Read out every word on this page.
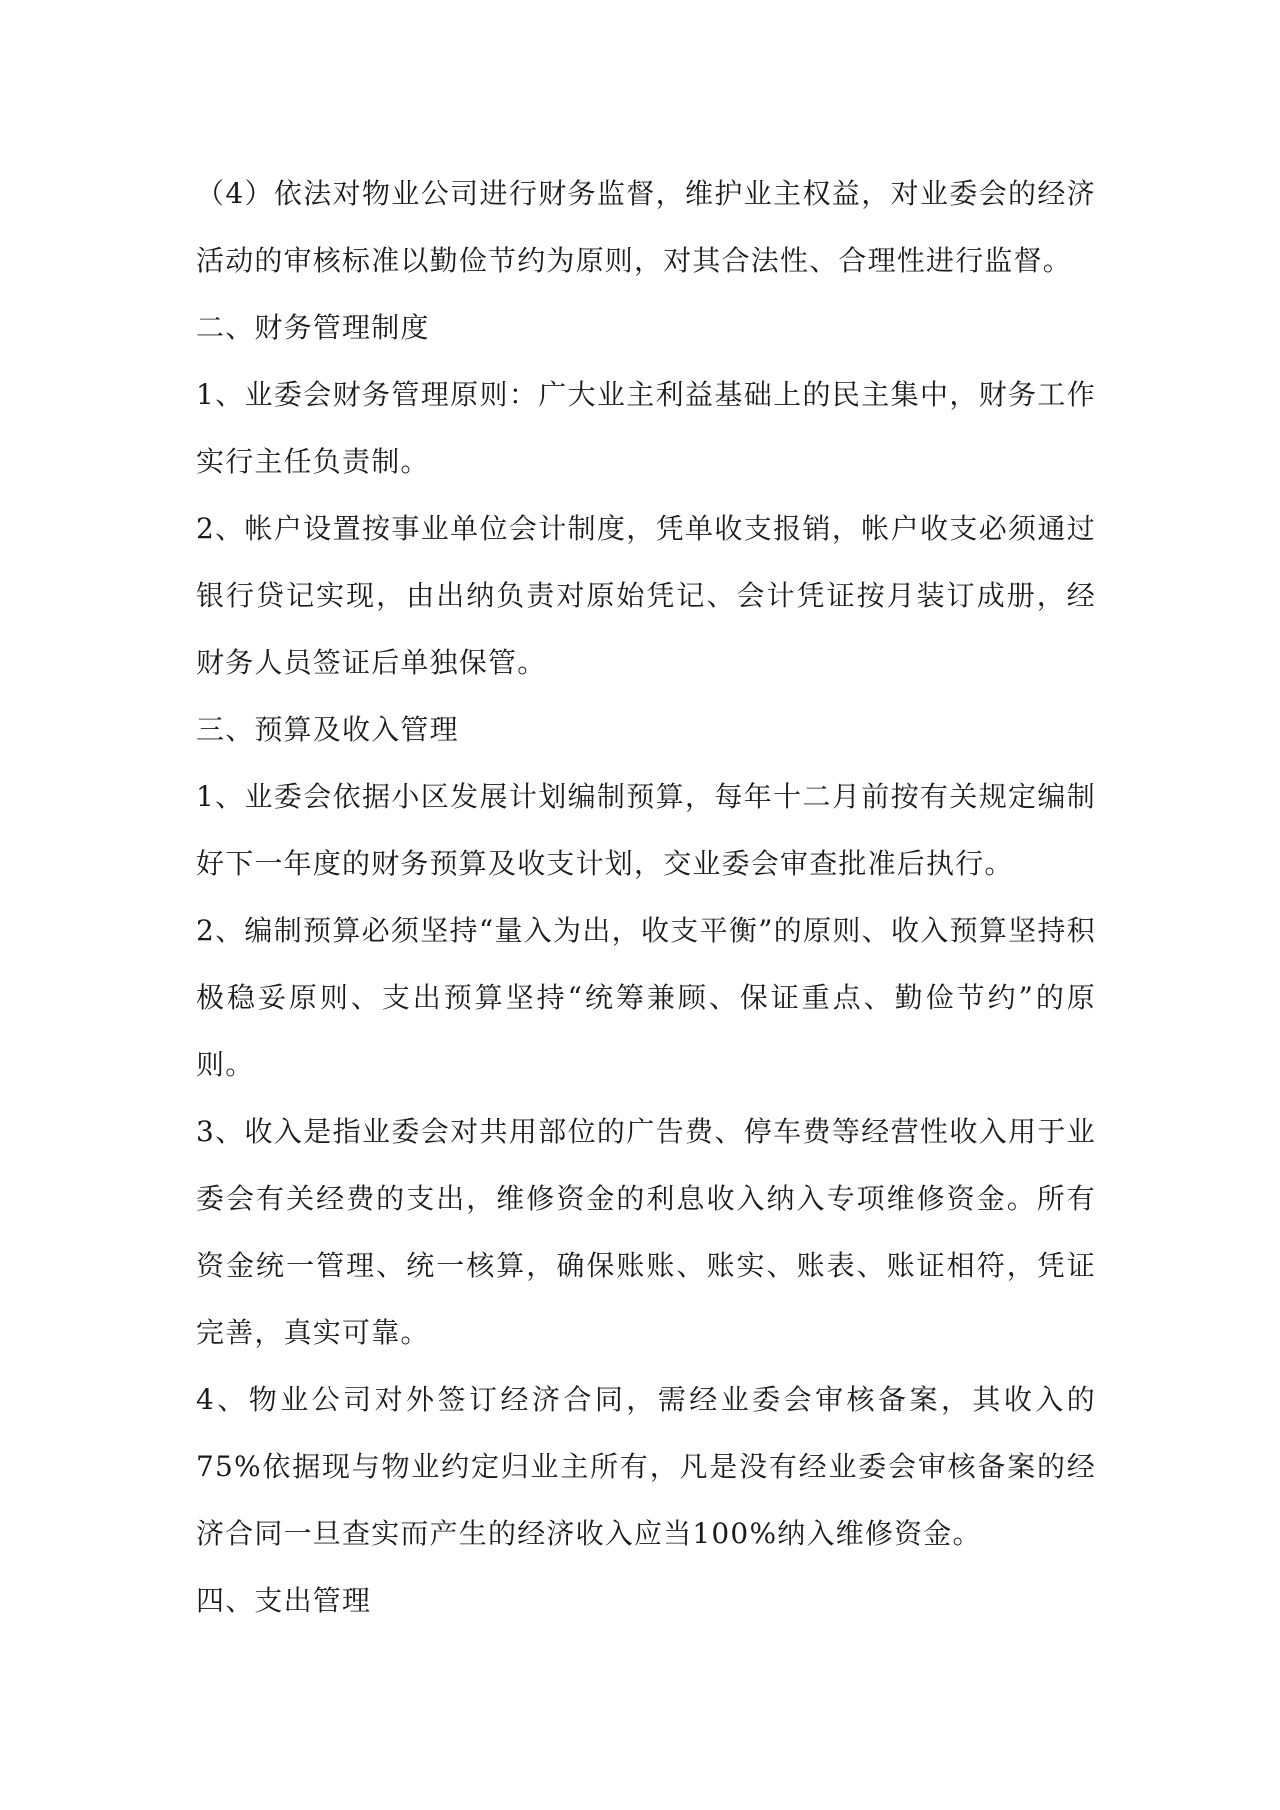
（4）依法对物业公司进行财务监督，维护业主权益，对业委会的经济活动的审核标准以勤俭节约为原则，对其合法性、合理性进行监督。

二、财务管理制度

1、业委会财务管理原则：广大业主利益基础上的民主集中，财务工作实行主任负责制。

2、帐户设置按事业单位会计制度，凭单收支报销，帐户收支必须通过银行贷记实现，由出纳负责对原始凭记、会计凭证按月装订成册，经财务人员签证后单独保管。

三、预算及收入管理

1、业委会依据小区发展计划编制预算，每年十二月前按有关规定编制好下一年度的财务预算及收支计划，交业委会审查批准后执行。

2、编制预算必须坚持“量入为出，收支平衡”的原则、收入预算坚持积极稳妥原则、支出预算坚持“统筹兼顾、保证重点、勤俭节约”的原则。

3、收入是指业委会对共用部位的广告费、停车费等经营性收入用于业委会有关经费的支出，维修资金的利息收入纳入专项维修资金。所有资金统一管理、统一核算，确保账账、账实、账表、账证相符，凭证完善，真实可靠。

4、物业公司对外签订经济合同，需经业委会审核备案，其收入的75%依据现与物业约定归业主所有，凡是没有经业委会审核备案的经济合同一旦查实而产生的经济收入应当100%纳入维修资金。

四、支出管理
